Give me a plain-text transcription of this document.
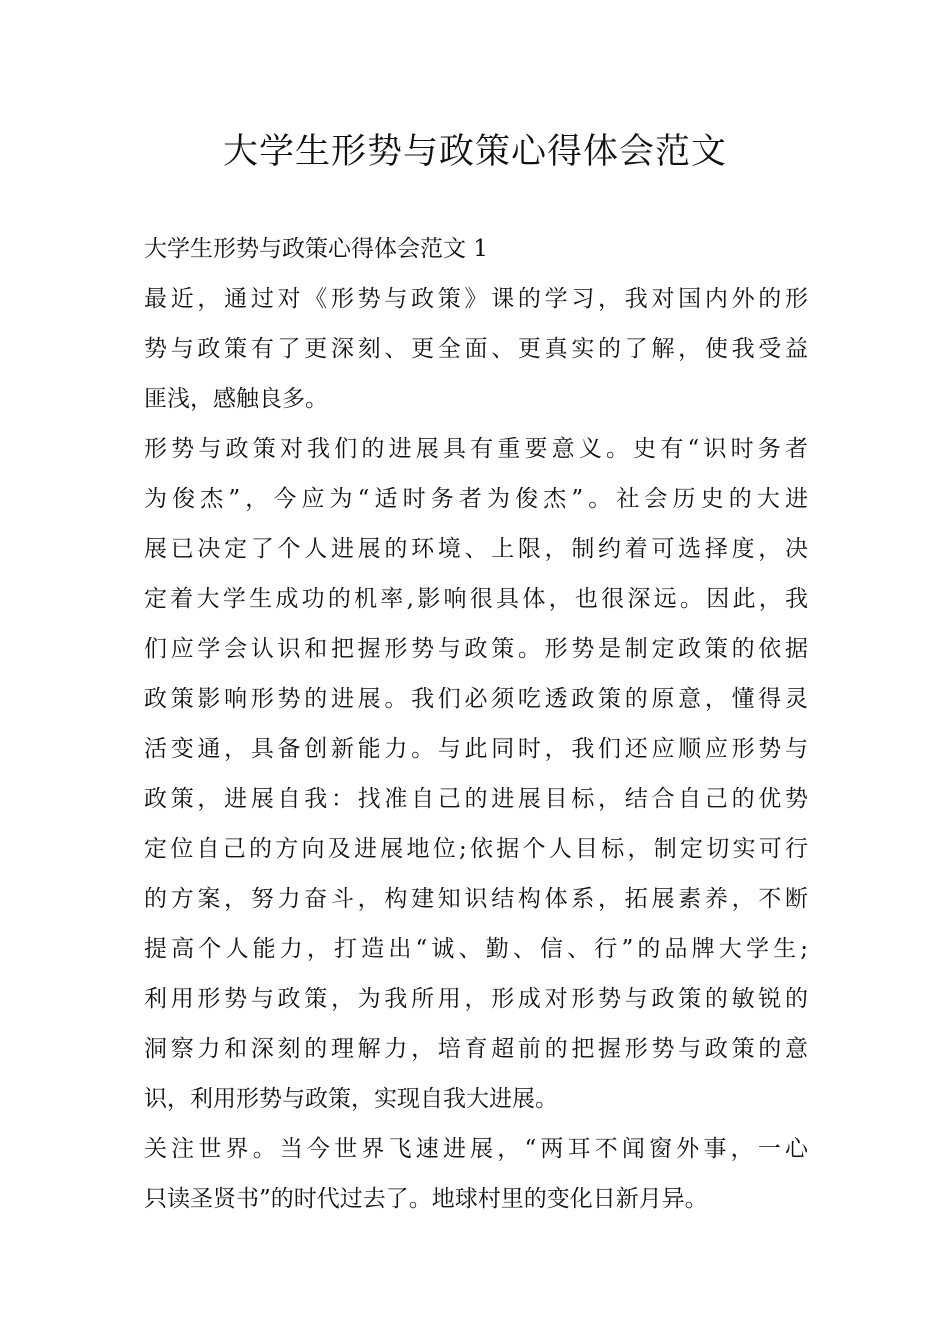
大学生形势与政策心得体会范文

大学生形势与政策心得体会范文 1

最近，通过对《形势与政策》课的学习，我对国内外的形
势与政策有了更深刻、更全面、更真实的了解，使我受益
匪浅，感触良多。

形势与政策对我们的进展具有重要意义。史有“识时务者
为俊杰”，今应为“适时务者为俊杰”。社会历史的大进
展已决定了个人进展的环境、上限，制约着可选择度，决
定着大学生成功的机率,影响很具体，也很深远。因此，我
们应学会认识和把握形势与政策。形势是制定政策的依据
政策影响形势的进展。我们必须吃透政策的原意，懂得灵
活变通，具备创新能力。与此同时，我们还应顺应形势与
政策，进展自我：找准自己的进展目标，结合自己的优势
定位自己的方向及进展地位;依据个人目标，制定切实可行
的方案，努力奋斗，构建知识结构体系，拓展素养，不断
提高个人能力，打造出“诚、勤、信、行”的品牌大学生;
利用形势与政策，为我所用，形成对形势与政策的敏锐的
洞察力和深刻的理解力，培育超前的把握形势与政策的意
识，利用形势与政策，实现自我大进展。

关注世界。当今世界飞速进展，“两耳不闻窗外事，一心
只读圣贤书”的时代过去了。地球村里的变化日新月异。
